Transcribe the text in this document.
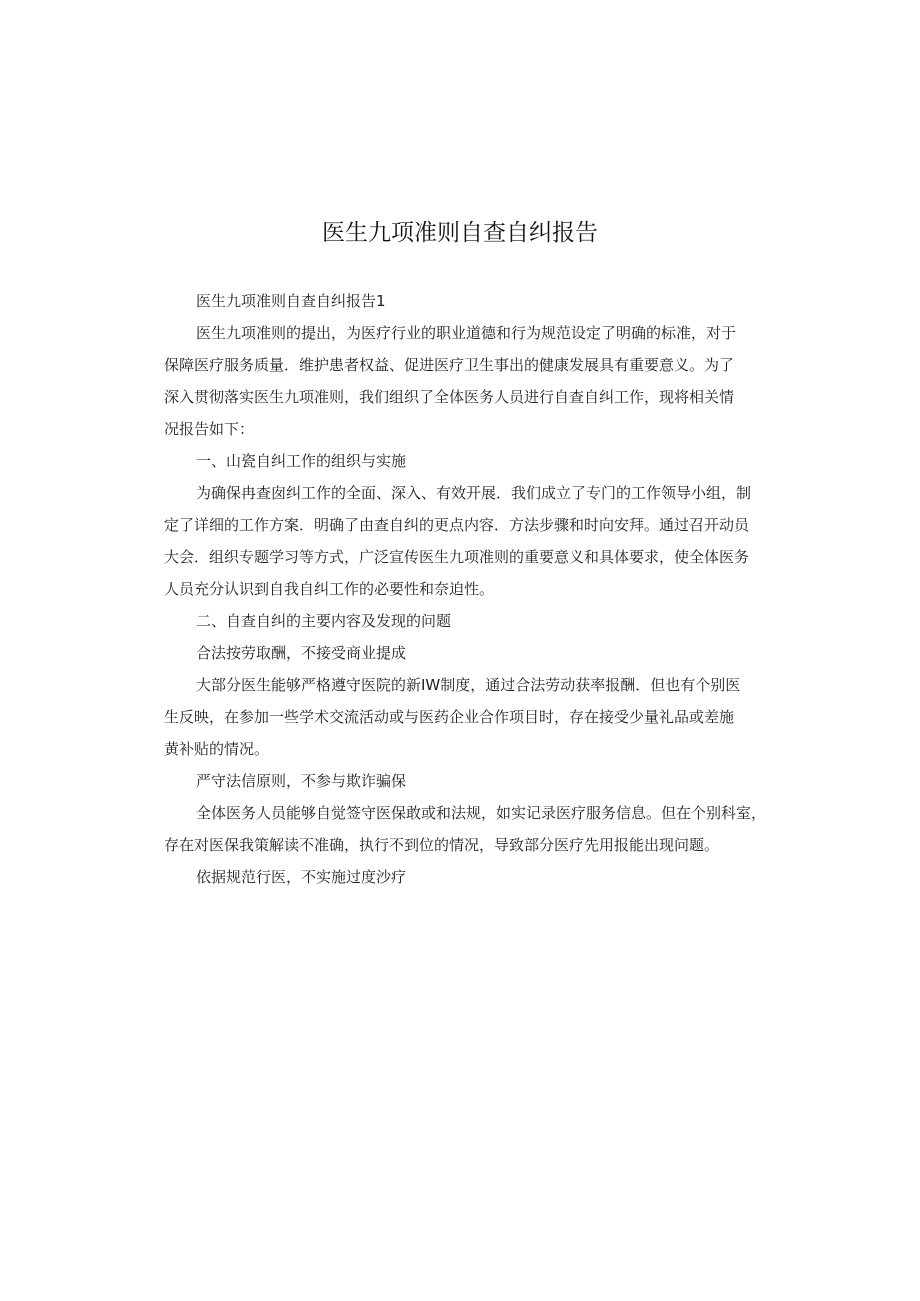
医生九项准则自查自纠报告

医生九项准则自查自纠报告1

医生九项准则的提出，为医疗行业的职业道德和行为规范设定了明确的标准，对于

保障医疗服务质量．维护患者权益、促进医疗卫生事出的健康发展具有重要意义。为了

深入贯彻落实医生九项准则，我们组织了全体医务人员进行自查自纠工作，现将相关情

况报告如下：

一、山瓷自纠工作的组织与实施

为确保冉查囱纠工作的全面、深入、有效开展．我们成立了专门的工作领导小组，制

定了详细的工作方案．明确了由查自纠的更点内容．方法步骤和时向安拜。通过召开动员

大会．组织专题学习等方式，广泛宣传医生九项准则的重要意义和具体要求，使全体医务

人员充分认识到自我自纠工作的必要性和奈迫性。

二、自查自纠的主要内容及发现的问题

合法按劳取酬，不接受商业提成

大部分医生能够严格遵守医院的新IW制度，通过合法劳动获率报酬．但也有个别医

生反映，在参加一些学术交流活动或与医药企业合作项目时，存在接受少量礼品或差施

黄补贴的情况。

严守法信原则，不参与欺诈骗保

全体医务人员能够自觉签守医保敢或和法规，如实记录医疗服务信息。但在个别科室，

存在对医保我策解读不准确，执行不到位的情况，导致部分医疗先用报能出现问题。

依据规范行医，不实施过度沙疗
